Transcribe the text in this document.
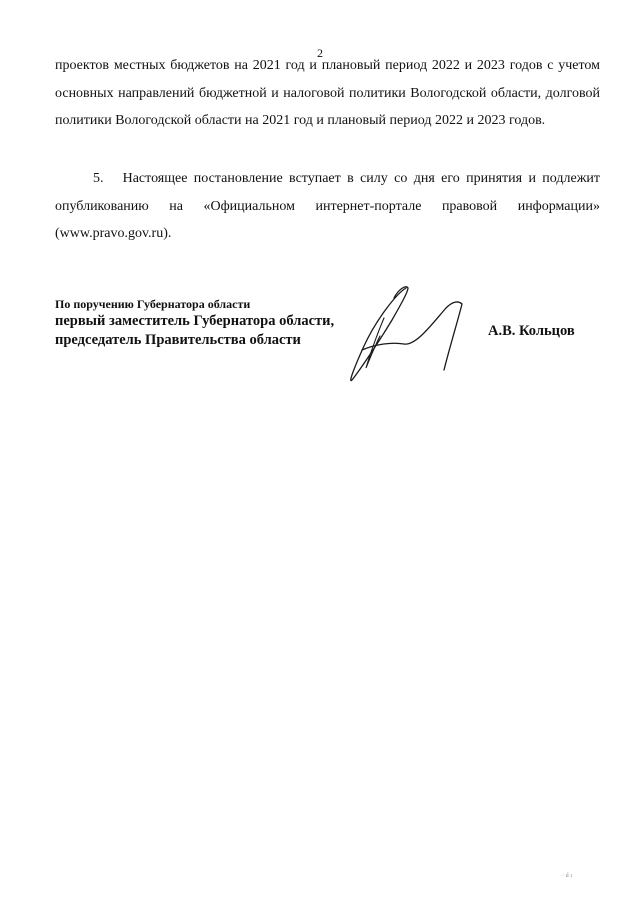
2
проектов местных бюджетов на 2021 год и плановый период 2022 и 2023 годов с учетом основных направлений бюджетной и налоговой политики Вологодской области, долговой политики Вологодской области на 2021 год и плановый период 2022 и 2023 годов.
5. Настоящее постановление вступает в силу со дня его принятия и подлежит опубликованию на «Официальном интернет-портале правовой информации» (www.pravo.gov.ru).
По поручению Губернатора области
первый заместитель Губернатора области,
председатель Правительства области
А.В. Кольцов
· ıl ı
